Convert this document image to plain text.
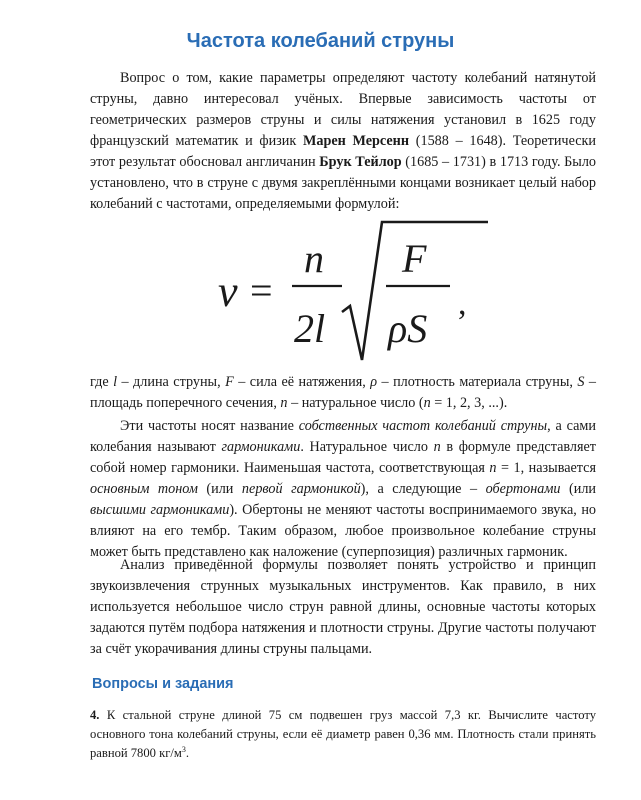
Частота колебаний струны

Вопрос о том, какие параметры определяют частоту колебаний натянутой струны, давно интересовал учёных. Впервые зависимость частоты от геометрических размеров струны и силы натяжения установил в 1625 году французский математик и физик Марен Мерсенн (1588 – 1648). Теоретически этот результат обосновал англичанин Брук Тейлор (1685 – 1731) в 1713 году. Было установлено, что в струне с двумя закреплёнными концами возникает целый набор колебаний с частотами, определяемыми формулой:

ν =
n
2l
F
ρS
,

где l – длина струны, F – сила её натяжения, ρ – плотность материала струны, S – площадь поперечного сечения, n – натуральное число (n = 1, 2, 3, ...).

Эти частоты носят название собственных частот колебаний струны, а сами колебания называют гармониками. Натуральное число n в формуле представляет собой номер гармоники. Наименьшая частота, соответствующая n = 1, называется основным тоном (или первой гармоникой), а следующие – обертонами (или высшими гармониками). Обертоны не меняют частоты воспринимаемого звука, но влияют на его тембр. Таким образом, любое произвольное колебание струны может быть представлено как наложение (суперпозиция) различных гармоник.

Анализ приведённой формулы позволяет понять устройство и принцип звукоизвлечения струнных музыкальных инструментов. Как правило, в них используется небольшое число струн равной длины, основные частоты которых задаются путём подбора натяжения и плотности струны. Другие частоты получают за счёт укорачивания длины струны пальцами.

Вопросы и задания

4. К стальной струне длиной 75 см подвешен груз массой 7,3 кг. Вычислите частоту основного тона колебаний струны, если её диаметр равен 0,36 мм. Плотность стали принять равной 7800 $кг/м^3$.
